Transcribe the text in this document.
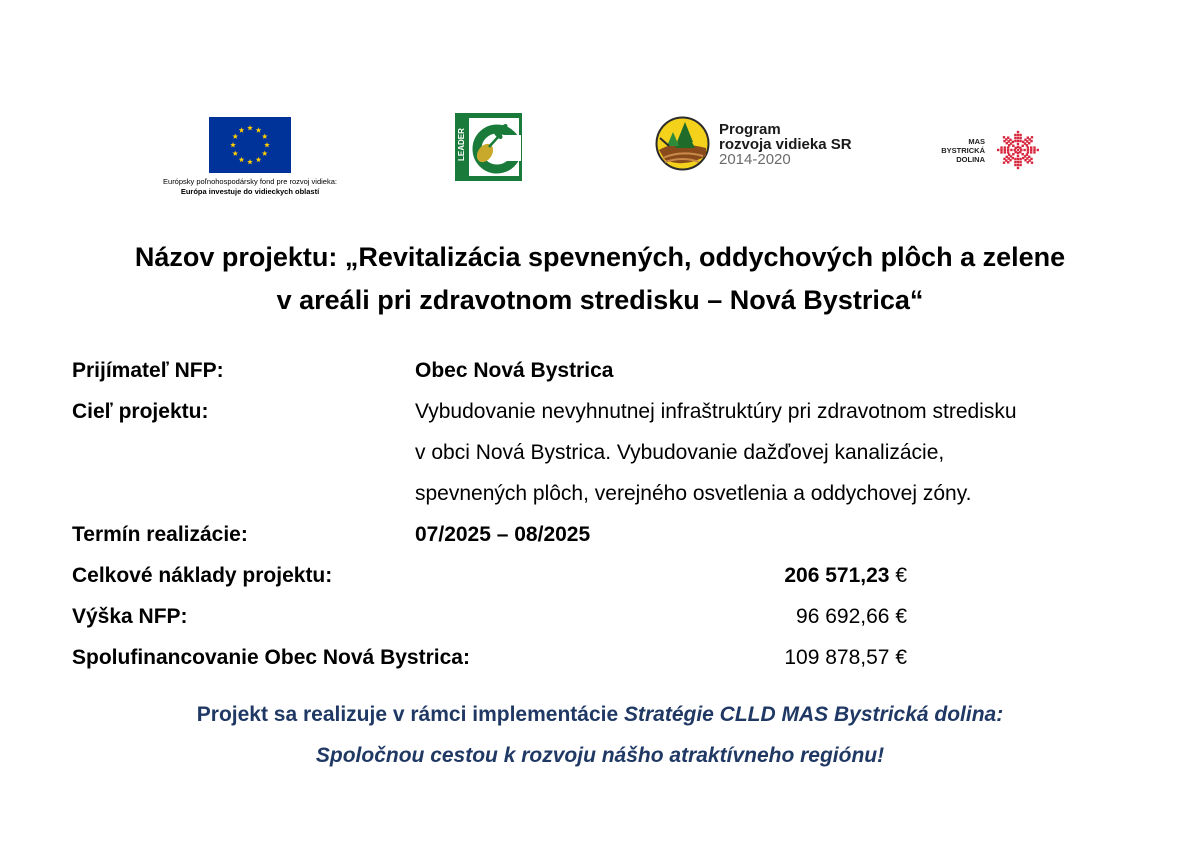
Európsky poľnohospodársky fond pre rozvoj vidieka:
Európa investuje do vidieckych oblastí
LEADER	Program
rozvoja vidieka SR
2014-2020
MAS
BYSTRICKÁ
DOLINA
Názov projektu: „Revitalizácia spevnených, oddychových plôch a zelene
v areáli pri zdravotnom stredisku – Nová Bystrica“
Prijímateľ NFP:	Obec Nová Bystrica
Cieľ projektu:	Vybudovanie nevyhnutnej infraštruktúry pri zdravotnom stredisku
v obci Nová Bystrica. Vybudovanie dažďovej kanalizácie,
spevnených plôch, verejného osvetlenia a oddychovej zóny.
Termín realizácie:	07/2025 – 08/2025
Celkové náklady projektu:	206 571,23 €
Výška NFP:	96 692,66 €
Spolufinancovanie Obec Nová Bystrica:	109 878,57 €
Projekt sa realizuje v rámci implementácie Stratégie CLLD MAS Bystrická dolina:
Spoločnou cestou k rozvoju nášho atraktívneho regiónu!
